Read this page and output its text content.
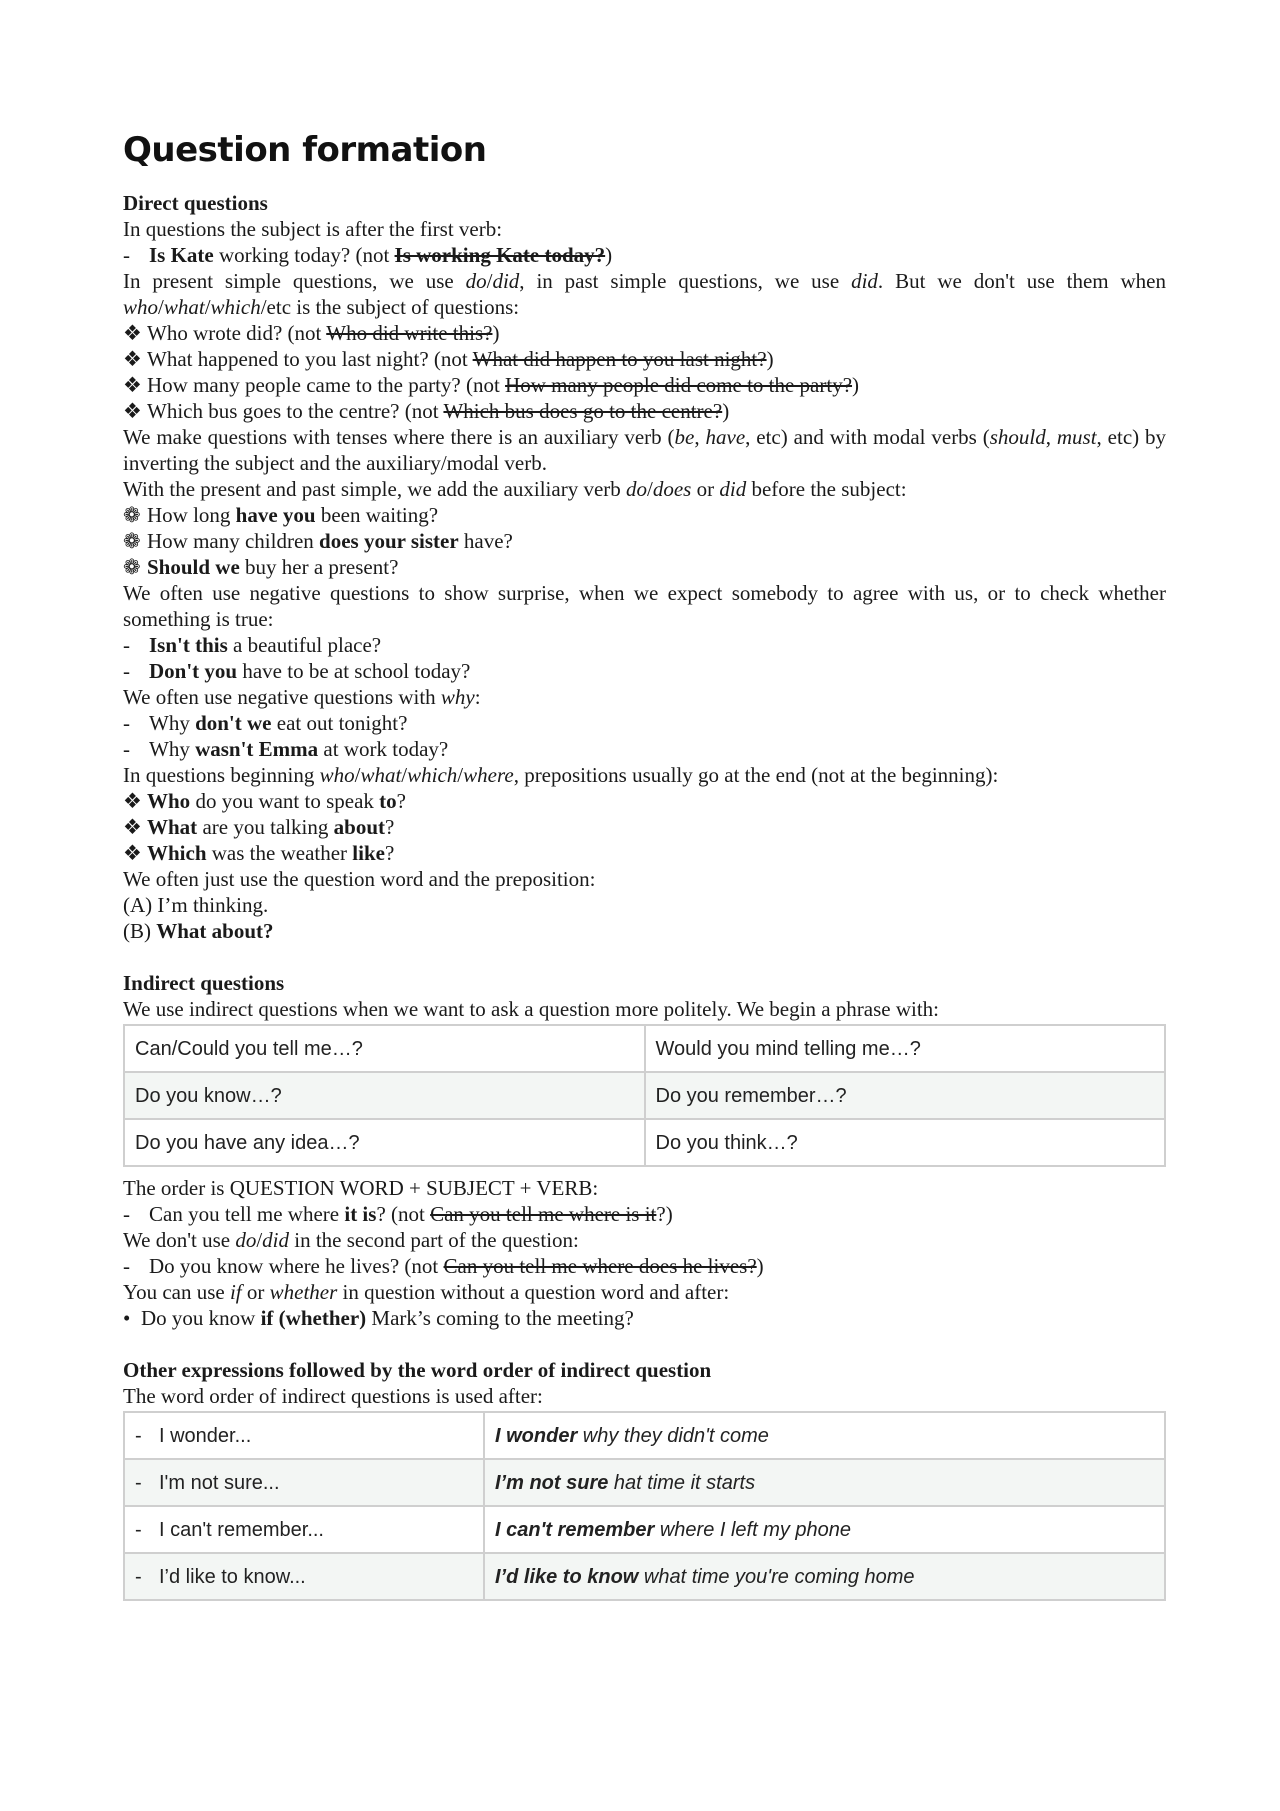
Question formation
Direct questions
In questions the subject is after the first verb:
- Is Kate working today? (not Is working Kate today?)
In present simple questions, we use do/did, in past simple questions, we use did. But we don't use them when who/what/which/etc is the subject of questions:
❖ Who wrote did? (not Who did write this?)
❖ What happened to you last night? (not What did happen to you last night?)
❖ How many people came to the party? (not How many people did come to the party?)
❖ Which bus goes to the centre? (not Which bus does go to the centre?)
We make questions with tenses where there is an auxiliary verb (be, have, etc) and with modal verbs (should, must, etc) by inverting the subject and the auxiliary/modal verb.
With the present and past simple, we add the auxiliary verb do/does or did before the subject:
❁ How long have you been waiting?
❁ How many children does your sister have?
❁ Should we buy her a present?
We often use negative questions to show surprise, when we expect somebody to agree with us, or to check whether something is true:
- Isn't this a beautiful place?
- Don't you have to be at school today?
We often use negative questions with why:
- Why don't we eat out tonight?
- Why wasn't Emma at work today?
In questions beginning who/what/which/where, prepositions usually go at the end (not at the beginning):
❖ Who do you want to speak to?
❖ What are you talking about?
❖ Which was the weather like?
We often just use the question word and the preposition:
(A) I’m thinking.
(B) What about?
Indirect questions
We use indirect questions when we want to ask a question more politely. We begin a phrase with:
Can/Could you tell me…?	Would you mind telling me…?
Do you know…?	Do you remember…?
Do you have any idea…?	Do you think…?
The order is QUESTION WORD + SUBJECT + VERB:
- Can you tell me where it is? (not Can you tell me where is it?)
We don't use do/did in the second part of the question:
- Do you know where he lives? (not Can you tell me where does he lives?)
You can use if or whether in question without a question word and after:
• Do you know if (whether) Mark’s coming to the meeting?
Other expressions followed by the word order of indirect question
The word order of indirect questions is used after:
- I wonder...	I wonder why they didn't come
- I'm not sure...	I’m not sure hat time it starts
- I can't remember...	I can't remember where I left my phone
- I’d like to know...	I’d like to know what time you're coming home
